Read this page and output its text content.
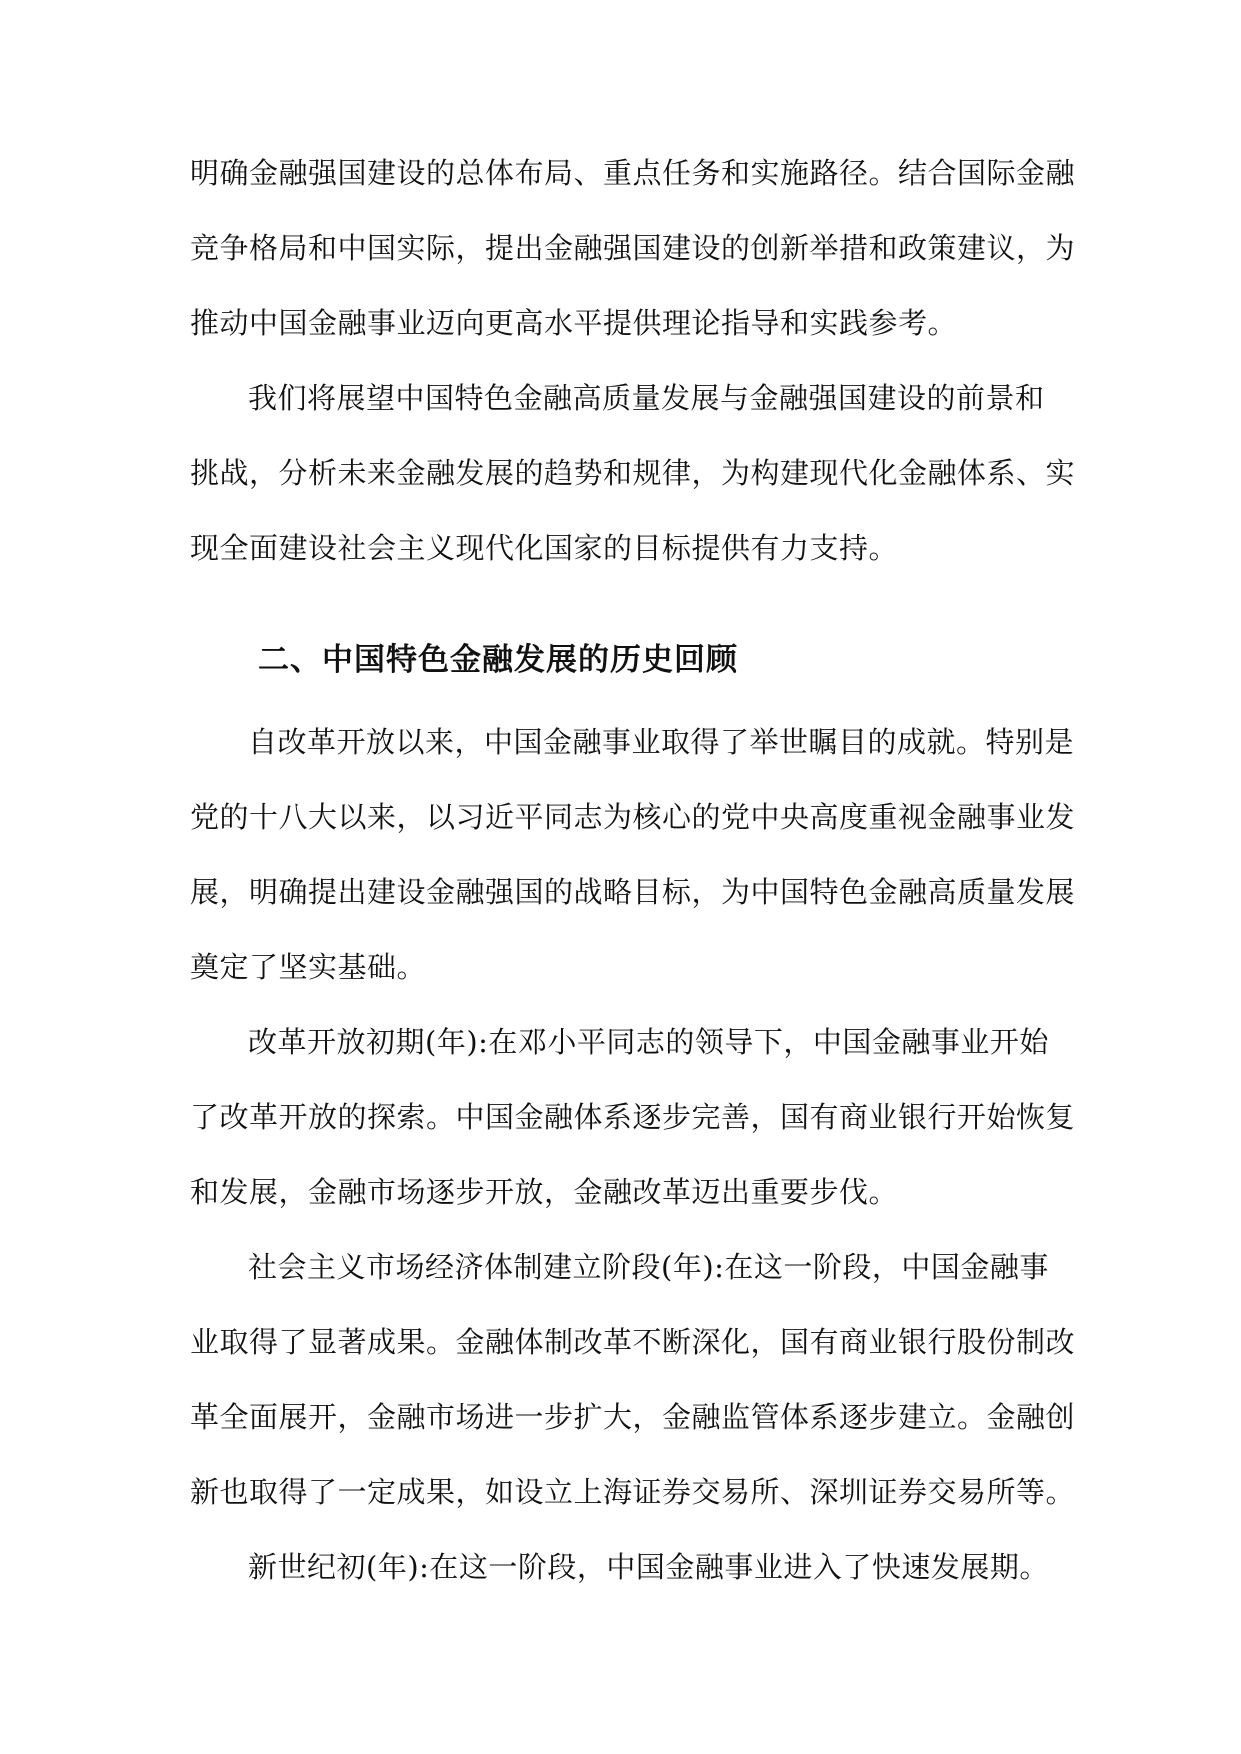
明确金融强国建设的总体布局、重点任务和实施路径。结合国际金融
竞争格局和中国实际，提出金融强国建设的创新举措和政策建议，为
推动中国金融事业迈向更高水平提供理论指导和实践参考。
我们将展望中国特色金融高质量发展与金融强国建设的前景和
挑战，分析未来金融发展的趋势和规律，为构建现代化金融体系、实
现全面建设社会主义现代化国家的目标提供有力支持。
二、中国特色金融发展的历史回顾
自改革开放以来，中国金融事业取得了举世瞩目的成就。特别是
党的十八大以来，以习近平同志为核心的党中央高度重视金融事业发
展，明确提出建设金融强国的战略目标，为中国特色金融高质量发展
奠定了坚实基础。
改革开放初期(年):在邓小平同志的领导下，中国金融事业开始
了改革开放的探索。中国金融体系逐步完善，国有商业银行开始恢复
和发展，金融市场逐步开放，金融改革迈出重要步伐。
社会主义市场经济体制建立阶段(年):在这一阶段，中国金融事
业取得了显著成果。金融体制改革不断深化，国有商业银行股份制改
革全面展开，金融市场进一步扩大，金融监管体系逐步建立。金融创
新也取得了一定成果，如设立上海证券交易所、深圳证券交易所等。
新世纪初(年):在这一阶段，中国金融事业进入了快速发展期。
